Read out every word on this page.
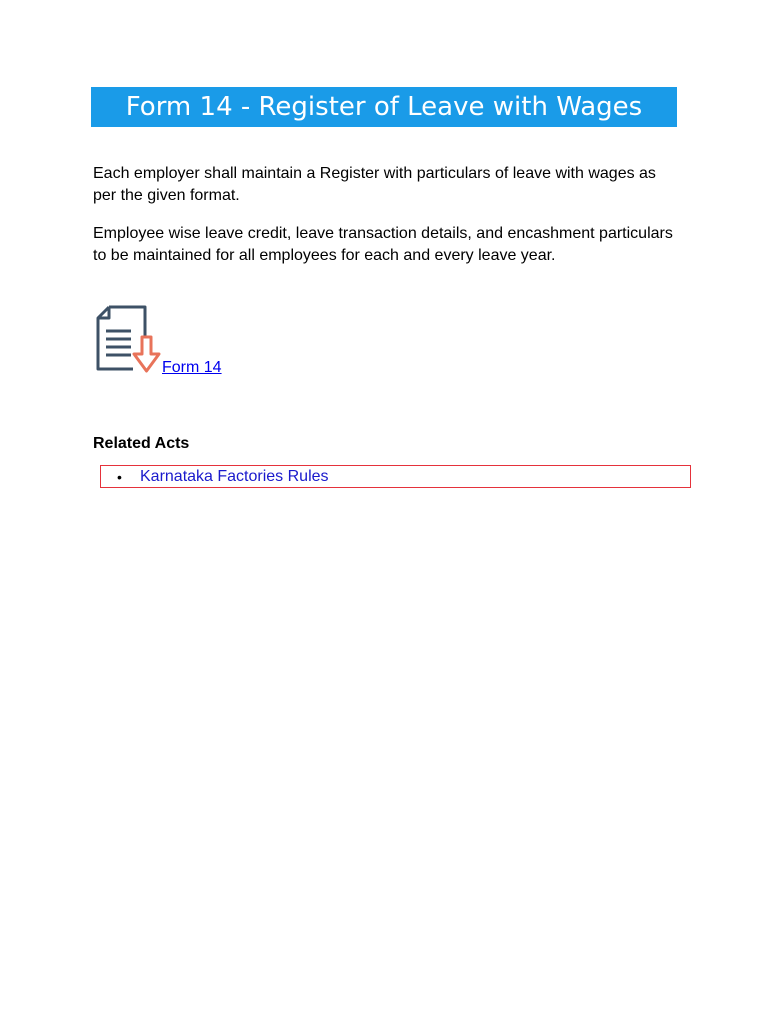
Form 14 - Register of Leave with Wages

Each employer shall maintain a Register with particulars of leave with wages as per the given format.

Employee wise leave credit, leave transaction details, and encashment particulars to be maintained for all employees for each and every leave year.

Form 14

Related Acts

• Karnataka Factories Rules
